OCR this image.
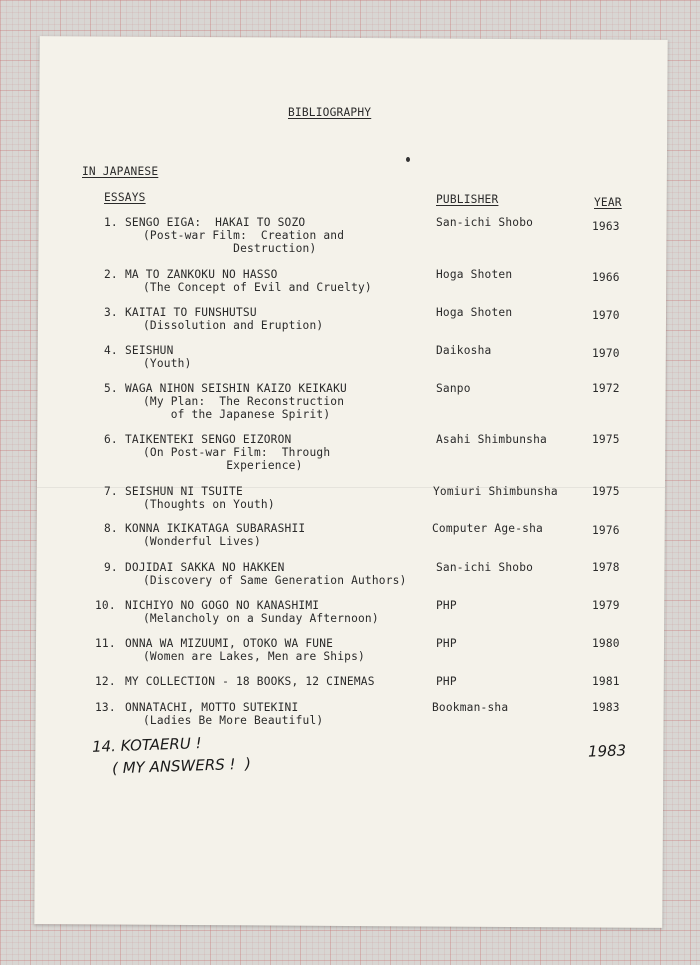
BIBLIOGRAPHY
IN JAPANESE
ESSAYS	PUBLISHER	YEAR
1. SENGO EIGA:  HAKAI TO SOZO
(Post-war Film:  Creation and
Destruction)
San-ichi Shobo	1963
2. MA TO ZANKOKU NO HASSO
(The Concept of Evil and Cruelty)
Hoga Shoten	1966
3. KAITAI TO FUNSHUTSU
(Dissolution and Eruption)
Hoga Shoten	1970
4. SEISHUN
(Youth)
Daikosha	1970
5. WAGA NIHON SEISHIN KAIZO KEIKAKU
(My Plan:  The Reconstruction
of the Japanese Spirit)
Sanpo	1972
6. TAIKENTEKI SENGO EIZORON
(On Post-war Film:  Through
Experience)
Asahi Shimbunsha	1975
7. SEISHUN NI TSUITE
(Thoughts on Youth)
Yomiuri Shimbunsha	1975
8. KONNA IKIKATAGA SUBARASHII
(Wonderful Lives)
Computer Age-sha	1976
9. DOJIDAI SAKKA NO HAKKEN
(Discovery of Same Generation Authors)
San-ichi Shobo	1978
10. NICHIYO NO GOGO NO KANASHIMI
(Melancholy on a Sunday Afternoon)
PHP	1979
11. ONNA WA MIZUUMI, OTOKO WA FUNE
(Women are Lakes, Men are Ships)
PHP	1980
12. MY COLLECTION - 18 BOOKS, 12 CINEMAS	PHP	1981
13. ONNATACHI, MOTTO SUTEKINI
(Ladies Be More Beautiful)
Bookman-sha	1983
14. KOTAERU !
( MY ANSWERS !  )
1983
